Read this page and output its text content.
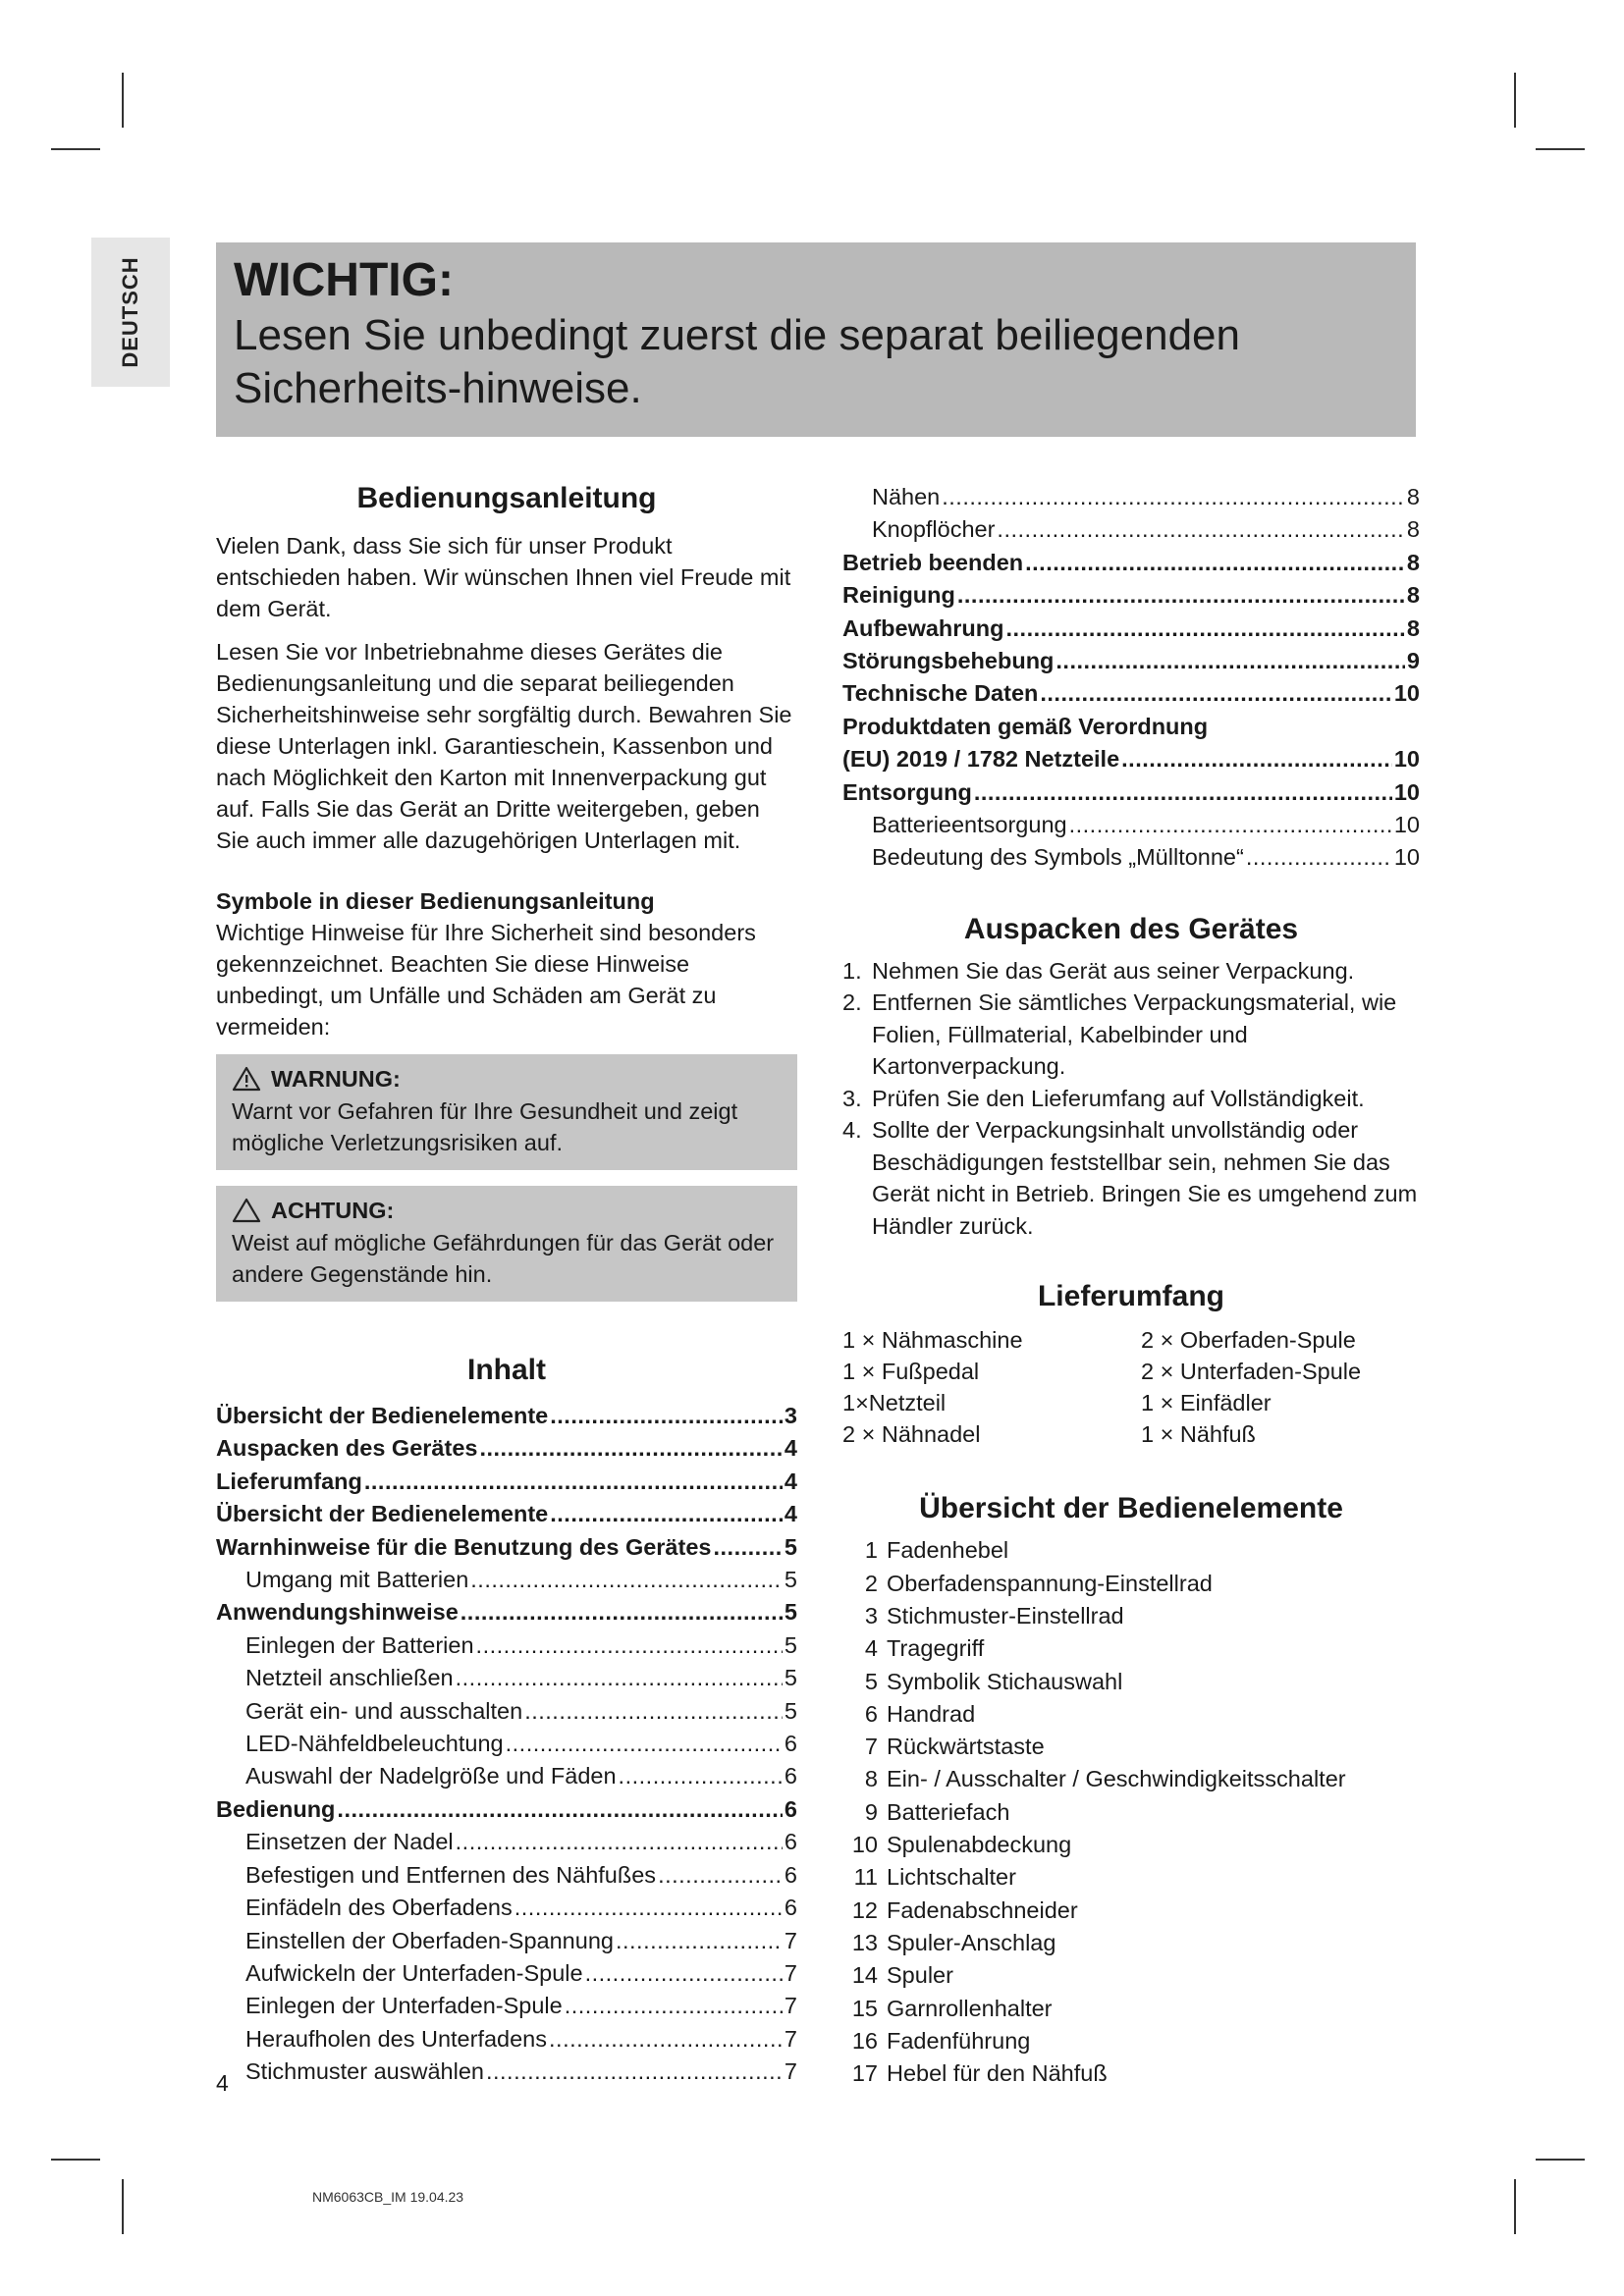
DEUTSCH WICHTIG:

Lesen Sie unbedingt zuerst die separat beiliegenden Sicherheits-hinweise.

Bedienungsanleitung

Vielen Dank, dass Sie sich für unser Produkt entschieden haben. Wir wünschen Ihnen viel Freude mit dem Gerät.

Lesen Sie vor Inbetriebnahme dieses Gerätes die Bedienungsanleitung und die separat beiliegenden Sicherheitshinweise sehr sorgfältig durch. Bewahren Sie diese Unterlagen inkl. Garantieschein, Kassenbon und nach Möglichkeit den Karton mit Innenverpackung gut auf. Falls Sie das Gerät an Dritte weitergeben, geben Sie auch immer alle dazugehörigen Unterlagen mit.

Symbole in dieser Bedienungsanleitung

Wichtige Hinweise für Ihre Sicherheit sind besonders gekennzeichnet. Beachten Sie diese Hinweise unbedingt, um Unfälle und Schäden am Gerät zu vermeiden:

WARNUNG:

Warnt vor Gefahren für Ihre Gesundheit und zeigt mögliche Verletzungsrisiken auf.

ACHTUNG:

Weist auf mögliche Gefährdungen für das Gerät oder andere Gegenstände hin.

Inhalt
Übersicht der Bedienelemente .....	3
Auspacken des Gerätes .....	4
Lieferumfang .....	4
Übersicht der Bedienelemente .....	4
Warnhinweise für die Benutzung des Gerätes .....	5
Umgang mit Batterien .....	5
Anwendungshinweise .....	5
Einlegen der Batterien .....	5
Netzteil anschließen .....	5
Gerät ein- und ausschalten .....	5
LED-Nähfeldbeleuchtung .....	6
Auswahl der Nadelgröße und Fäden .....	6
Bedienung .....	6
Einsetzen der Nadel .....	6
Befestigen und Entfernen des Nähfußes .....	6
Einfädeln des Oberfadens .....	6
Einstellen der Oberfaden-Spannung .....	7
Aufwickeln der Unterfaden-Spule .....	7
Einlegen der Unterfaden-Spule .....	7
Heraufholen des Unterfadens .....	7
Stichmuster auswählen .....	7
Nähen .....	8
Knopflöcher .....	8
Betrieb beenden .....	8
Reinigung .....	8
Aufbewahrung .....	8
Störungsbehebung .....	9
Technische Daten .....	10
Produktdaten gemäß Verordnung
(EU) 2019 / 1782 Netzteile .....	10
Entsorgung .....	10
Batterieentsorgung .....	10
Bedeutung des Symbols „Mülltonne“ .....	10
Auspacken des Gerätes
1. Nehmen Sie das Gerät aus seiner Verpackung.
2. Entfernen Sie sämtliches Verpackungsmaterial, wie Folien, Füllmaterial, Kabelbinder und Kartonverpackung.
3. Prüfen Sie den Lieferumfang auf Vollständigkeit.
4. Sollte der Verpackungsinhalt unvollständig oder Beschädigungen feststellbar sein, nehmen Sie das Gerät nicht in Betrieb. Bringen Sie es umgehend zum Händler zurück.
Lieferumfang
1 × Nähmaschine	2 × Oberfaden-Spule
1 × Fußpedal	2 × Unterfaden-Spule
1×Netzteil	1 × Einfädler
2 × Nähnadel	1 × Nähfuß
Übersicht der Bedienelemente
1 Fadenhebel
2 Oberfadenspannung-Einstellrad
3 Stichmuster-Einstellrad
4 Tragegriff
5 Symbolik Stichauswahl
6 Handrad
7 Rückwärtstaste
8 Ein- / Ausschalter / Geschwindigkeitsschalter
9 Batteriefach
10 Spulenabdeckung
11 Lichtschalter
12 Fadenabschneider
13 Spuler-Anschlag
14 Spuler
15 Garnrollenhalter
16 Fadenführung
17 Hebel für den Nähfuß
4
NM6063CB_IM 19.04.23
